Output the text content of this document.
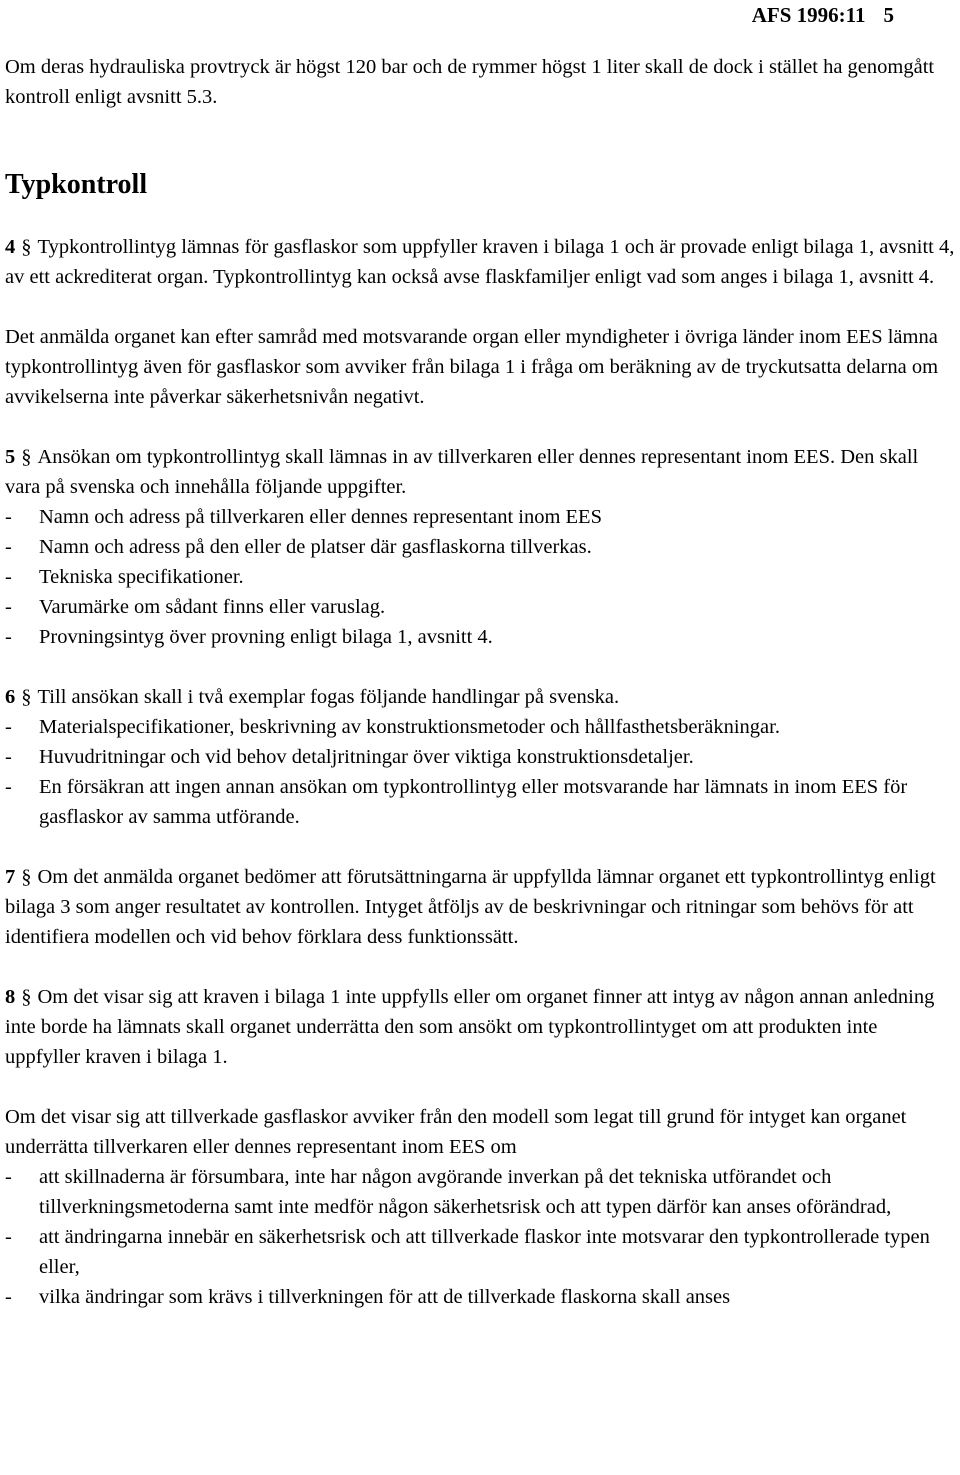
AFS 1996:11 5

Om deras hydrauliska provtryck är högst 120 bar och de rymmer högst 1 liter skall de dock i stället ha genomgått kontroll enligt avsnitt 5.3.

Typkontroll

4 § Typkontrollintyg lämnas för gasflaskor som uppfyller kraven i bilaga 1 och är provade enligt bilaga 1, avsnitt 4, av ett ackrediterat organ. Typkontrollintyg kan också avse flaskfamiljer enligt vad som anges i bilaga 1, avsnitt 4.

Det anmälda organet kan efter samråd med motsvarande organ eller myndigheter i övriga länder inom EES lämna typkontrollintyg även för gasflaskor som avviker från bilaga 1 i fråga om beräkning av de tryckutsatta delarna om avvikelserna inte påverkar säkerhetsnivån negativt.

5 § Ansökan om typkontrollintyg skall lämnas in av tillverkaren eller dennes representant inom EES. Den skall vara på svenska och innehålla följande uppgifter.

-	Namn och adress på tillverkaren eller dennes representant inom EES
-	Namn och adress på den eller de platser där gasflaskorna tillverkas.
-	Tekniska specifikationer.
-	Varumärke om sådant finns eller varuslag.
-	Provningsintyg över provning enligt bilaga 1, avsnitt 4.

6 § Till ansökan skall i två exemplar fogas följande handlingar på svenska.

-	Materialspecifikationer, beskrivning av konstruktionsmetoder och hållfasthetsberäkningar.
-	Huvudritningar och vid behov detaljritningar över viktiga konstruktionsdetaljer.
-	En försäkran att ingen annan ansökan om typkontrollintyg eller motsvarande har lämnats in inom EES för gasflaskor av samma utförande.

7 § Om det anmälda organet bedömer att förutsättningarna är uppfyllda lämnar organet ett typkontrollintyg enligt bilaga 3 som anger resultatet av kontrollen. Intyget åtföljs av de beskrivningar och ritningar som behövs för att identifiera modellen och vid behov förklara dess funktionssätt.

8 § Om det visar sig att kraven i bilaga 1 inte uppfylls eller om organet finner att intyg av någon annan anledning inte borde ha lämnats skall organet underrätta den som ansökt om typkontrollintyget om att produkten inte uppfyller kraven i bilaga 1.

Om det visar sig att tillverkade gasflaskor avviker från den modell som legat till grund för intyget kan organet underrätta tillverkaren eller dennes representant inom EES om

-	att skillnaderna är försumbara, inte har någon avgörande inverkan på det tekniska utförandet och tillverkningsmetoderna samt inte medför någon säkerhetsrisk och att typen därför kan anses oförändrad,
-	att ändringarna innebär en säkerhetsrisk och att tillverkade flaskor inte motsvarar den typkontrollerade typen eller,
-	vilka ändringar som krävs i tillverkningen för att de tillverkade flaskorna skall anses
